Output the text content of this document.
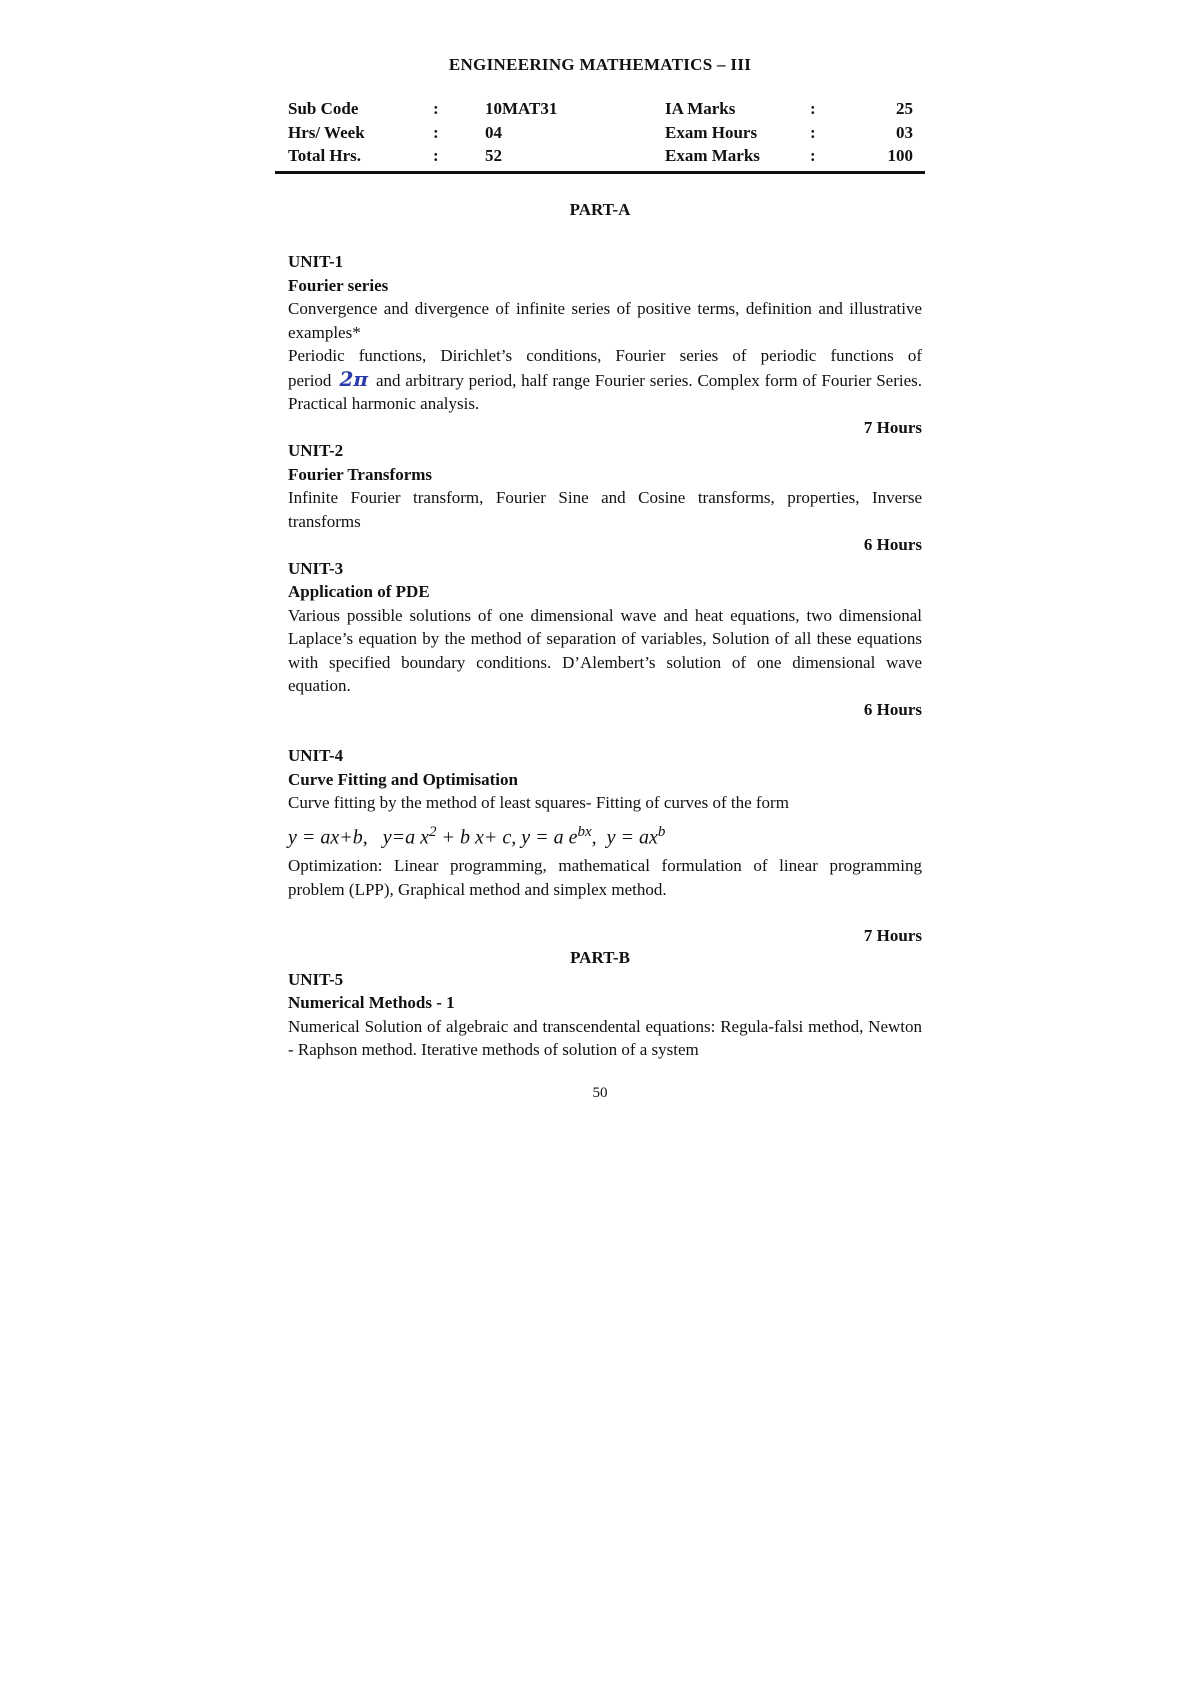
ENGINEERING MATHEMATICS – III
Sub Code	:	10MAT31	IA Marks	:	25
Hrs/ Week	:	04	Exam Hours	:	03
Total Hrs.	:	52	Exam Marks	:	100
PART-A
UNIT-1
Fourier series
Convergence and divergence of infinite series of positive terms, definition and illustrative examples*
Periodic functions, Dirichlet’s conditions, Fourier series of periodic functions of period 2π and arbitrary period, half range Fourier series. Complex form of Fourier Series. Practical harmonic analysis.
7 Hours
UNIT-2
Fourier Transforms
Infinite Fourier transform, Fourier Sine and Cosine transforms, properties, Inverse transforms
6 Hours
UNIT-3
Application of PDE
Various possible solutions of one dimensional wave and heat equations, two dimensional Laplace’s equation by the method of separation of variables, Solution of all these equations with specified boundary conditions. D’Alembert’s solution of one dimensional wave equation.
6 Hours
UNIT-4
Curve Fitting and Optimisation
Curve fitting by the method of least squares- Fitting of curves of the form
y = ax+b, y=a $x^2 + b$ x+ c, y = a $e^{bx}$, $y = ax^b$
Optimization: Linear programming, mathematical formulation of linear programming problem (LPP), Graphical method and simplex method.
7 Hours
PART-B
UNIT-5
Numerical Methods - 1
Numerical Solution of algebraic and transcendental equations: Regula-falsi method, Newton - Raphson method. Iterative methods of solution of a system
50
